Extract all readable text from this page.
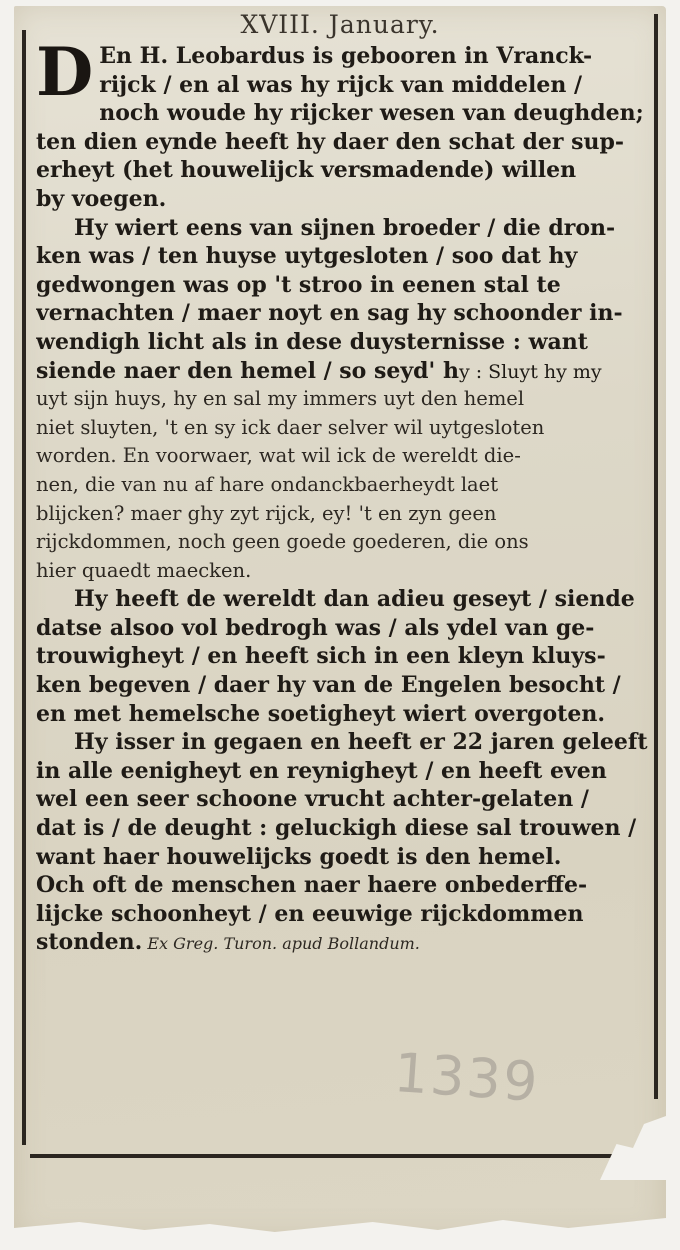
XVIII. January.
D En H. Leobardus is gebooren in Vranck-
rijck / en al was hy rijck van middelen /
noch woude hy rijcker wesen van deughden;
ten dien eynde heeft hy daer den schat der sup-
erheyt (het houwelijck versmadende) willen
by voegen.
Hy wiert eens van sijnen broeder / die dron-
ken was / ten huyse uytgesloten / soo dat hy
gedwongen was op 't stroo in eenen stal te
vernachten / maer noyt en sag hy schoonder in-
wendigh licht als in dese duysternisse : want
siende naer den hemel / so seyd' hy : Sluyt hy my
uyt sijn huys, hy en sal my immers uyt den hemel
niet sluyten, 't en sy ick daer selver wil uytgesloten
worden. En voorwaer, wat wil ick de wereldt die-
nen, die van nu af hare ondanckbaerheydt laet
blijcken? maer ghy zyt rijck, ey! 't en zyn geen
rijckdommen, noch geen goede goederen, die ons
hier quaedt maecken.
Hy heeft de wereldt dan adieu geseyt / siende
datse alsoo vol bedrogh was / als ydel van ge-
trouwigheyt / en heeft sich in een kleyn kluys-
ken begeven / daer hy van de Engelen besocht /
en met hemelsche soetigheyt wiert overgoten.
Hy isser in gegaen en heeft er 22 jaren geleeft
in alle eenigheyt en reynigheyt / en heeft even
wel een seer schoone vrucht achter-gelaten /
dat is / de deught : geluckigh diese sal trouwen /
want haer houwelijcks goedt is den hemel.
Och oft de menschen naer haere onbederffe-
lijcke schoonheyt / en eeuwige rijckdommen
stonden. Ex Greg. Turon. apud Bollandum.
1339
